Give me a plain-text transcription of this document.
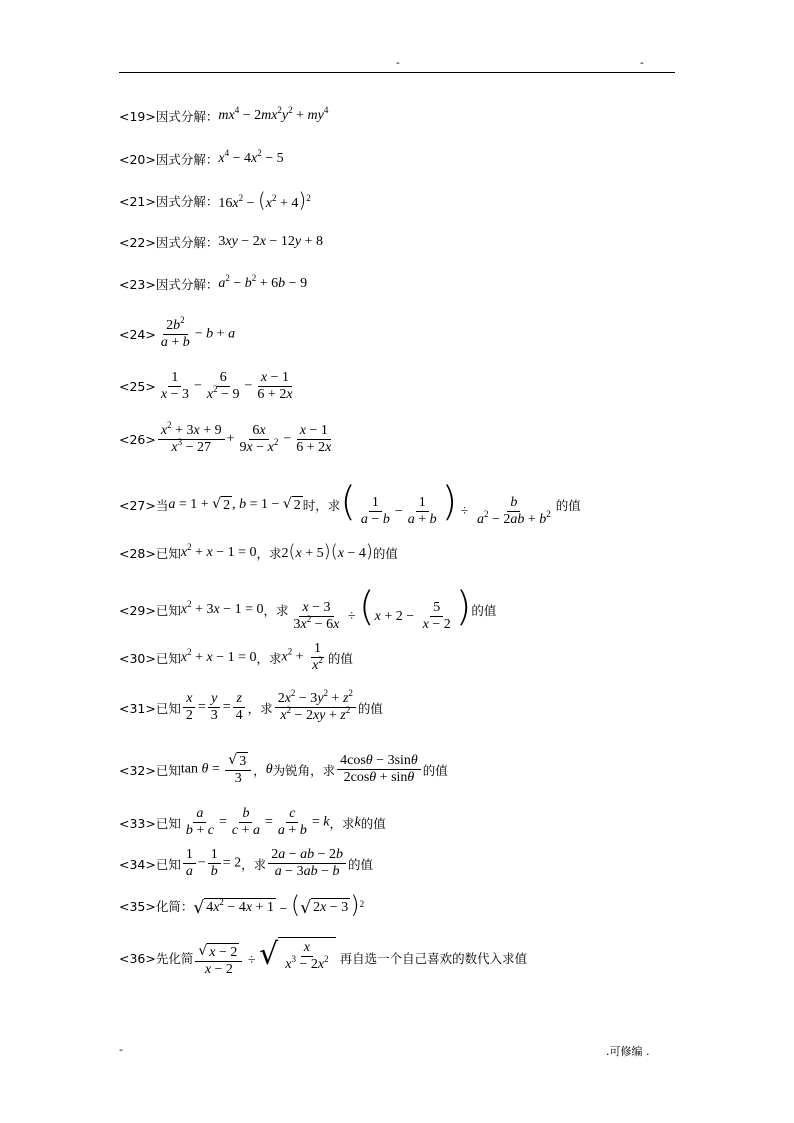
-	-
<19>因式分解： $mx^4 - 2mx^2y^2 + my^4$
<20>因式分解： $x^4 - 4x^2 - 5$
<21>因式分解： $16x^2 - (x^2 + 4)^2$
<22>因式分解： 3xy − 2x − 12y + 8
<23>因式分解： $a^2 - b^2 + 6b - 9$
$<24> \frac{2b^2}{a + b} - b + a$
$<25> \frac{1}{x - 3} - \frac{6}{x^2 - 9} - \frac{x - 1}{6 + 2x}$
$<26> \frac{x^2 + 3x + 9}{x^3 - 27} + \frac{6x}{9x - x^2} - \frac{x - 1}{6 + 2x}$
<27>当 a = 1 + √ 2 , b = 1 − √ 2 时，求 ( $\frac{1}{a - b} - \frac{1}{a + b}$ ) ÷ $\frac{b}{a^2 - 2ab + b^2}$ 的值
<28>已知 $x^2 + x - 1 = 0$ ，求 2(x + 5)(x − 4) 的值
<29>已知 $x^2 + 3x - 1 = 0$ ，求 $\frac{x - 3}{3x^2 - 6x} \div (x + 2 - \frac{5}{x - 2}$ ) 的值
<30>已知 $x^2 + x - 1 = 0$ ，求 $x^2 + \frac{1}{x^2}$ 的值
<31>已知 $\frac{x}{2} = \frac{y}{3} = \frac{z}{4}$ ，求 $\frac{2x^2 - 3y^2 + z^2}{x^2 - 2xy + z^2}$ 的值
<32>已知 $\tan \theta = \frac{√ 3}{3}$ ， θ 为锐角，求 $\frac{4\cos\theta - 3\sin\theta}{2\cos\theta + \sin\theta}$ 的值
<33>已知 $\frac{a}{b + c} = \frac{b}{c + a} = \frac{c}{a + b} = k$ ，求 k 的值
<34>已知 $\frac{1}{a} - \frac{1}{b} = 2$ ，求 $\frac{2a - ab - 2b}{a - 3ab - b}$ 的值
<35>化简： √ $4x^2 - 4x + 1$ − ( √ 2x − 3 )$^2$
<36>先化简 $\frac{√ x - 2}{x - 2}$ ÷ √ $\frac{x}{x^3 - 2x^2}$ 再自选一个自己喜欢的数代入求值
-	.可修编 .
